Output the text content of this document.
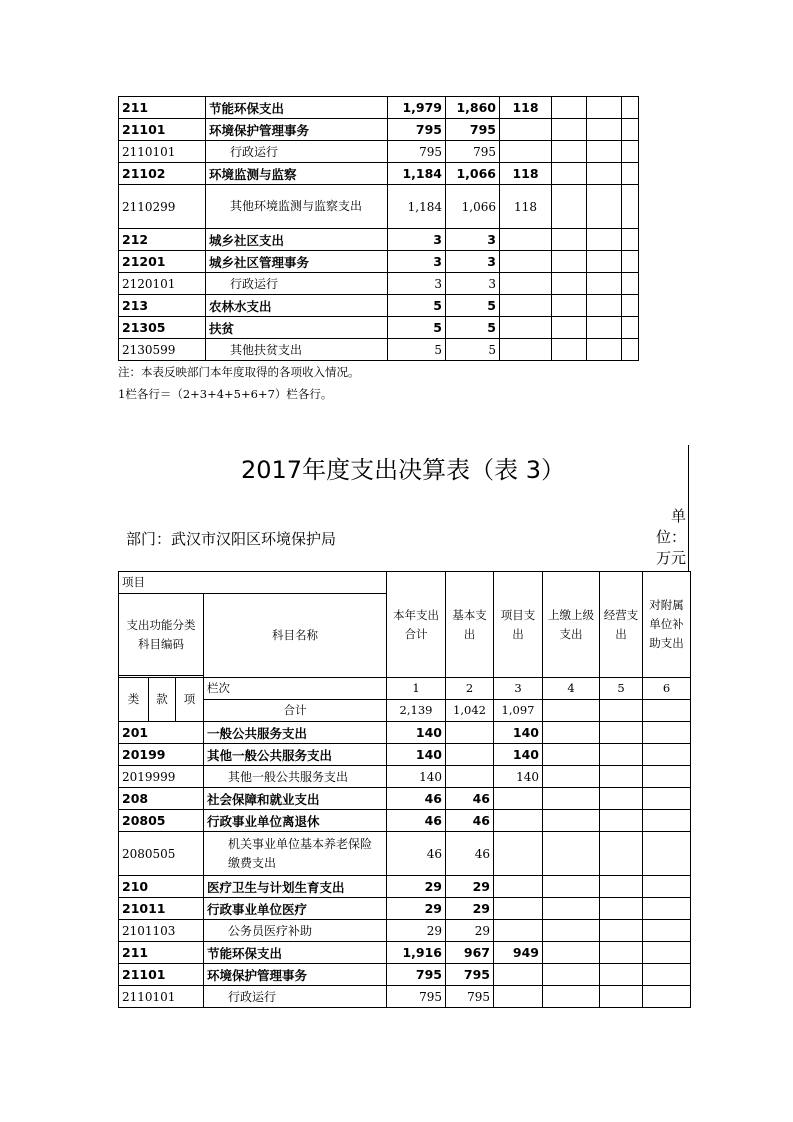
211	节能环保支出	1,979	1,860	118			
21101	环境保护管理事务	795	795				
2110101	行政运行	795	795				
21102	环境监测与监察	1,184	1,066	118			
2110299	其他环境监测与监察支出	1,184	1,066	118			
212	城乡社区支出	3	3				
21201	城乡社区管理事务	3	3				
2120101	行政运行	3	3				
213	农林水支出	5	5				
21305	扶贫	5	5				
2130599	其他扶贫支出	5	5				
注：本表反映部门本年度取得的各项收入情况。
1栏各行＝（2+3+4+5+6+7）栏各行。
2017年度支出决算表（表 3）
部门：武汉市汉阳区环境保护局
单
位：
万元
项目				本年支出合计	基本支出	项目支出	上缴上级支出	经营支出	对附属单位补助支出
支出功能分类科目编码			科目名称						

类	款	项	栏次	1	2	3	4	5	6
			合计	2,139	1,042	1,097			
201			一般公共服务支出	140		140			
20199			其他一般公共服务支出	140		140			
2019999			其他一般公共服务支出	140		140			
208			社会保障和就业支出	46	46				
20805			行政事业单位离退休	46	46				
2080505			机关事业单位基本养老保险缴费支出	46	46				
210			医疗卫生与计划生育支出	29	29				
21011			行政事业单位医疗	29	29				
2101103			公务员医疗补助	29	29				
211			节能环保支出	1,916	967	949			
21101			环境保护管理事务	795	795				
2110101			行政运行	795	795				
